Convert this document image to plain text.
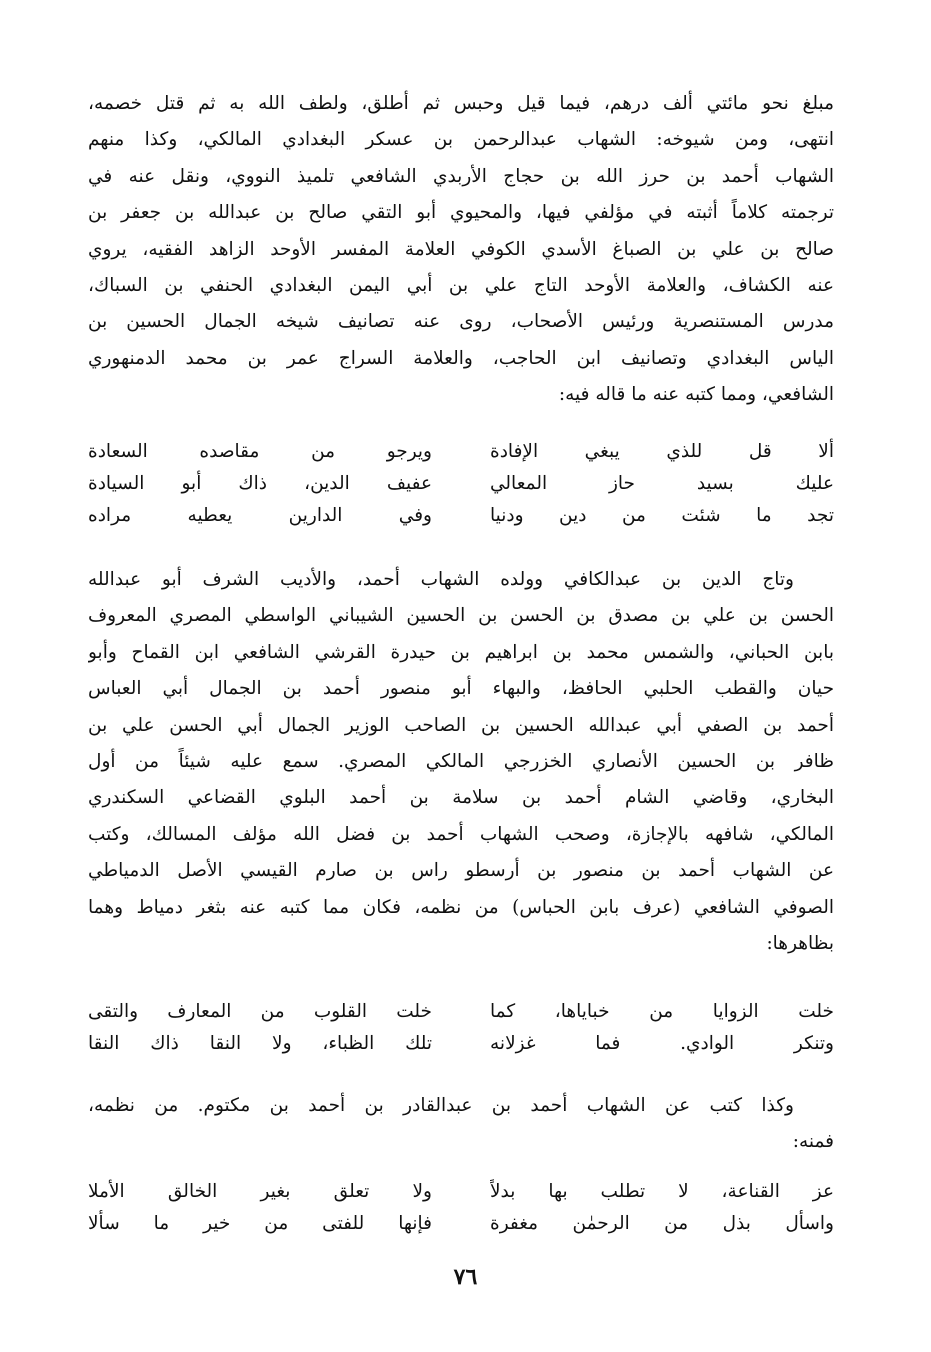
مبلغ نحو مائتي ألف درهم، فيما قيل وحبس ثم أطلق، ولطف الله به ثم قتل خصمه،
انتهى، ومن شيوخه: الشهاب عبدالرحمن بن عسكر البغدادي المالكي، وكذا منهم
الشهاب أحمد بن حرز الله بن حجاج الأربدي الشافعي تلميذ النووي، ونقل عنه في
ترجمته كلاماً أثبته في مؤلفي فيها، والمحيوي أبو التقي صالح بن عبدالله بن جعفر بن
صالح بن علي بن الصباغ الأسدي الكوفي العلامة المفسر الأوحد الزاهد الفقيه، يروي
عنه الكشاف، والعلامة الأوحد التاج علي بن أبي اليمن البغدادي الحنفي بن السباك،
مدرس المستنصرية ورئيس الأصحاب، روى عنه تصانيف شيخه الجمال الحسين بن
الياس البغدادي وتصانيف ابن الحاجب، والعلامة السراج عمر بن محمد الدمنهوري
الشافعي، ومما كتبه عنه ما قاله فيه:
ألا قل للذي يبغي الإفادة
ويرجو من مقاصده السعادة
عليك بسيد حاز المعالي
عفيف الدين، ذاك أبو السيادة
تجد ما شئت من دين ودنيا
وفي الدارين يعطيه مراده
وتاج الدين بن عبدالكافي وولده الشهاب أحمد، والأديب الشرف أبو عبدالله
الحسن بن علي بن مصدق بن الحسن بن الحسين الشيباني الواسطي المصري المعروف
بابن الحباني، والشمس محمد بن ابراهيم بن حيدرة القرشي الشافعي ابن القماح وأبو
حيان والقطب الحلبي الحافظ، والبهاء أبو منصور أحمد بن الجمال أبي العباس
أحمد بن الصفي أبي عبدالله الحسين بن الصاحب الوزير الجمال أبي الحسن علي بن
ظافر بن الحسين الأنصاري الخزرجي المالكي المصري. سمع عليه شيئاً من أول
البخاري، وقاضي الشام أحمد بن سلامة بن أحمد البلوي القضاعي السكندري
المالكي، شافهه بالإجازة، وصحب الشهاب أحمد بن فضل الله مؤلف المسالك، وكتب
عن الشهاب أحمد بن منصور بن أرسطو راس بن صارم القيسي الأصل الدمياطي
الصوفي الشافعي (عرف بابن الحباس) من نظمه، فكان مما كتبه عنه بثغر دمياط وهما
بظاهرها:
خلت الزوايا من خباياها، كما
خلت القلوب من المعارف والتقى
وتنكر الوادي. فما غزلانه
تلك الظباء، ولا النقا ذاك النقا
وكذا كتب عن الشهاب أحمد بن عبدالقادر بن أحمد بن مكتوم. من نظمه،
فمنه:
عز القناعة، لا تطلب بها بدلاً
ولا تعلق بغير الخالق الأملا
واسأل بذل من الرحمٰن مغفرة
فإنها للفتى من خير ما سألا
٧٦
